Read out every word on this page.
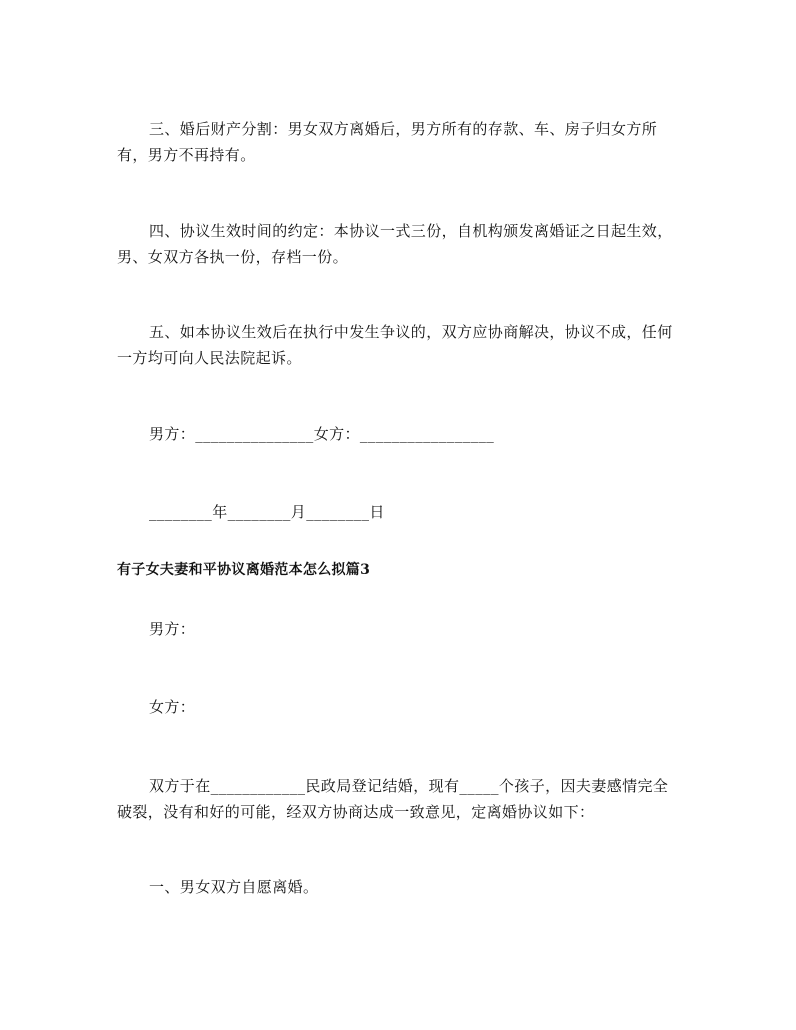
三、婚后财产分割：男女双方离婚后，男方所有的存款、车、房子归女方所有，男方不再持有。

四、协议生效时间的约定：本协议一式三份，自机构颁发离婚证之日起生效，男、女双方各执一份，存档一份。

五、如本协议生效后在执行中发生争议的，双方应协商解决，协议不成，任何一方均可向人民法院起诉。

男方：_______________女方：_________________

________年________月________日

有子女夫妻和平协议离婚范本怎么拟篇3

男方：

女方：

双方于在____________民政局登记结婚，现有_____个孩子，因夫妻感情完全破裂，没有和好的可能，经双方协商达成一致意见，定离婚协议如下：

一、男女双方自愿离婚。
